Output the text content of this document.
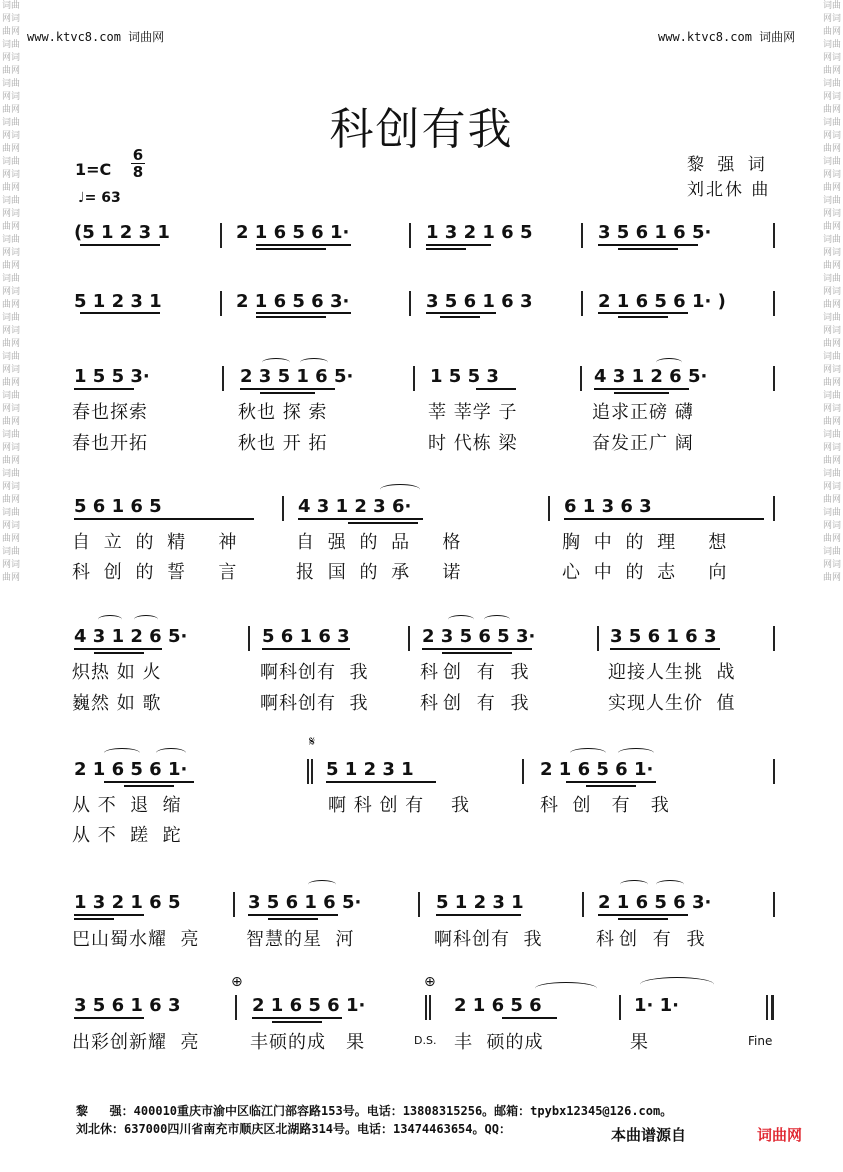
词曲网词曲网词曲网词曲网词曲网词曲网词曲网词曲网词曲网词曲网词曲网词曲网词曲网词曲网词曲网词曲网词曲网词曲网词曲网词曲网词曲网词曲网词曲网词曲网词曲网词曲网词曲网词曲网词曲网词曲网
词曲网词曲网词曲网词曲网词曲网词曲网词曲网词曲网词曲网词曲网词曲网词曲网词曲网词曲网词曲网词曲网词曲网词曲网词曲网词曲网词曲网词曲网词曲网词曲网词曲网词曲网词曲网词曲网词曲网词曲网
www.ktvc8.com 词曲网	www.ktvc8.com 词曲网
科创有我
1=C
6
8
♩= 63
黎 强 词
刘北休 曲
(5 1 2 3 1	2 1 6 5 6 1·	1 3 2 1 6 5	3 5 6 1 6 5·
5 1 2 3 1	2 1 6 5 6 3·	3 5 6 1 6 3	2 1 6 5 6 1· )
1 5 5 3·	2 3 5 1 6 5·	1 5 5 3	4 3 1 2 6 5·
春也探索	秋也 探 索	莘 莘学 子	追求正磅 礴
春也开拓	秋也 开 拓	时 代栋 梁	奋发正广 阔
5 6 1 6 5	4 3 1 2 3 6·	6 1 3 6 3
自 立 的 精   神	自 强 的 品   格	胸 中 的 理   想
科 创 的 誓   言	报 国 的 承   诺	心 中 的 志   向
4 3 1 2 6 5·	5 6 1 6 3	2 3 5 6 5 3·	3 5 6 1 6 3
炽热 如 火	啊科创有  我	科创 有 我	迎接人生挑  战
巍然 如 歌	啊科创有  我	科创 有 我	实现人生价  值
𝄋
2 1 6 5 6 1·	5 1 2 3 1	2 1 6 5 6 1·
从 不  退  缩	啊 科 创 有    我	科  创   有   我
从 不  蹉  跎
1 3 2 1 6 5	3 5 6 1 6 5·	5 1 2 3 1	2 1 6 5 6 3·
巴山蜀水耀  亮	智慧的星  河	啊科创有  我	科创 有 我
⊕	⊕
3 5 6 1 6 3	2 1 6 5 6 1·	2 1 6 5 6	1· 1·
出彩创新耀  亮	丰硕的成   果	D.S. 丰  硕的成	果	Fine
黎   强：400010重庆市渝中区临江门部容路153号。电话：13808315256。邮箱：tpybx12345@126.com。
刘北休：637000四川省南充市顺庆区北湖路314号。电话：13474463654。QQ：	本曲谱源自	词曲网
